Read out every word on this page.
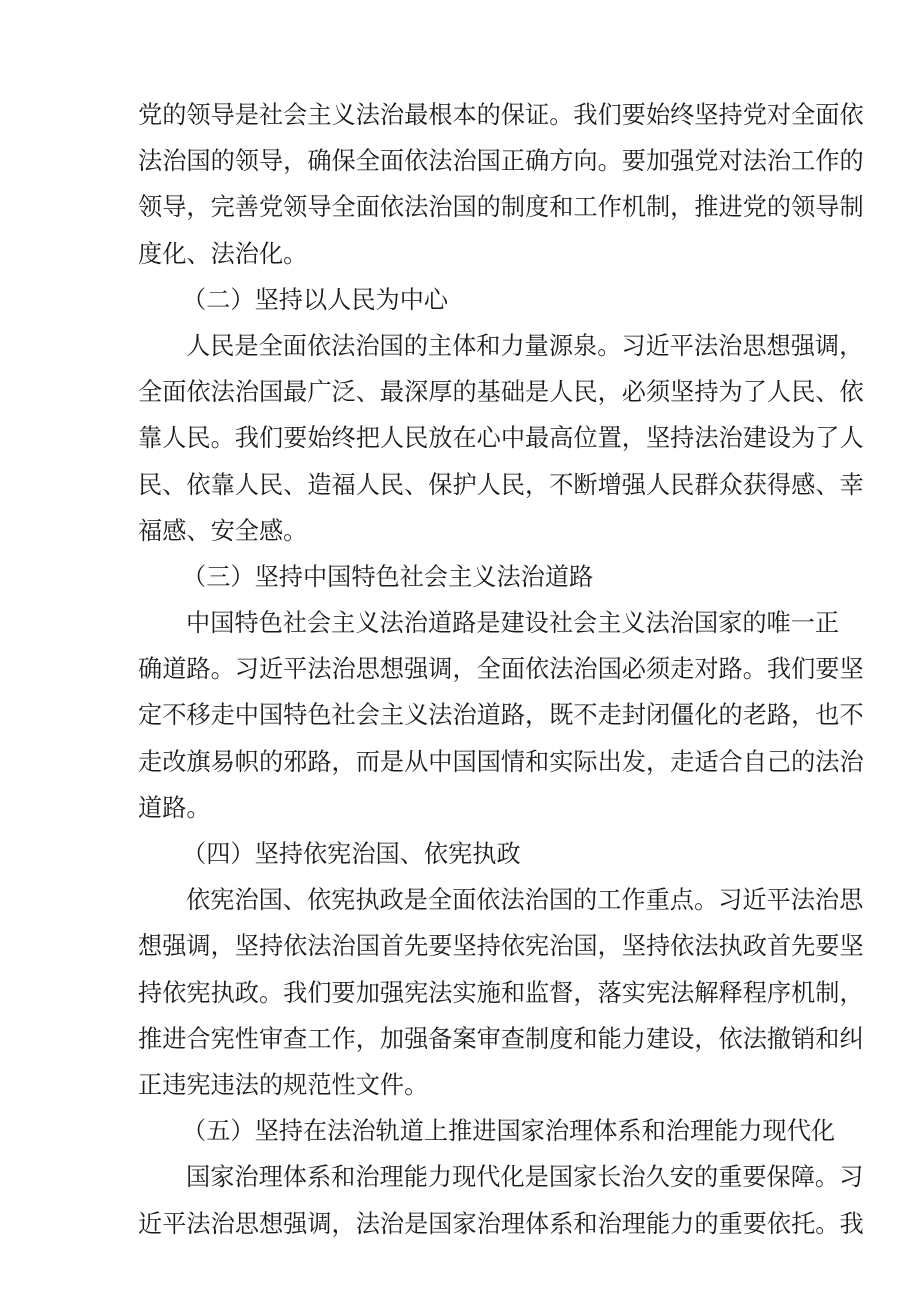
党的领导是社会主义法治最根本的保证。我们要始终坚持党对全面依
法治国的领导，确保全面依法治国正确方向。要加强党对法治工作的
领导，完善党领导全面依法治国的制度和工作机制，推进党的领导制
度化、法治化。
（二）坚持以人民为中心
人民是全面依法治国的主体和力量源泉。习近平法治思想强调，
全面依法治国最广泛、最深厚的基础是人民，必须坚持为了人民、依
靠人民。我们要始终把人民放在心中最高位置，坚持法治建设为了人
民、依靠人民、造福人民、保护人民，不断增强人民群众获得感、幸
福感、安全感。
（三）坚持中国特色社会主义法治道路
中国特色社会主义法治道路是建设社会主义法治国家的唯一正
确道路。习近平法治思想强调，全面依法治国必须走对路。我们要坚
定不移走中国特色社会主义法治道路，既不走封闭僵化的老路，也不
走改旗易帜的邪路，而是从中国国情和实际出发，走适合自己的法治
道路。
（四）坚持依宪治国、依宪执政
依宪治国、依宪执政是全面依法治国的工作重点。习近平法治思
想强调，坚持依法治国首先要坚持依宪治国，坚持依法执政首先要坚
持依宪执政。我们要加强宪法实施和监督，落实宪法解释程序机制，
推进合宪性审查工作，加强备案审查制度和能力建设，依法撤销和纠
正违宪违法的规范性文件。
（五）坚持在法治轨道上推进国家治理体系和治理能力现代化
国家治理体系和治理能力现代化是国家长治久安的重要保障。习
近平法治思想强调，法治是国家治理体系和治理能力的重要依托。我
